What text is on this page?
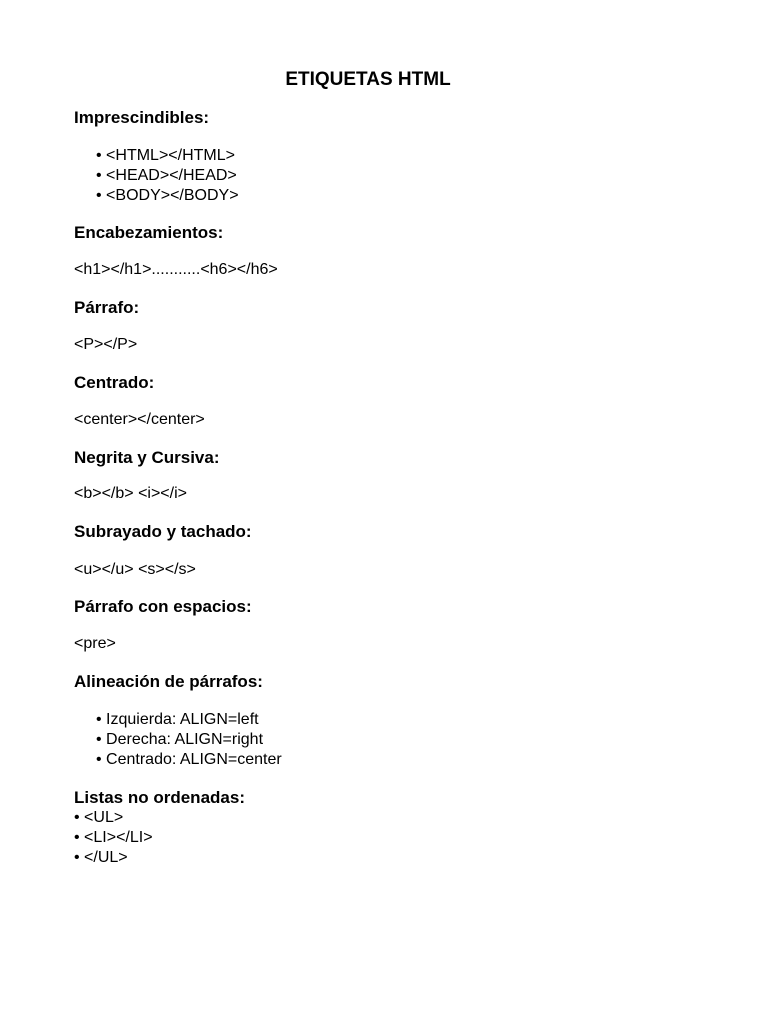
ETIQUETAS HTML
Imprescindibles:
• <HTML></HTML>
• <HEAD></HEAD>
• <BODY></BODY>
Encabezamientos:
<h1></h1>...........<h6></h6>
Párrafo:
<P></P>
Centrado:
<center></center>
Negrita y Cursiva:
<b></b> <i></i>
Subrayado y tachado:
<u></u> <s></s>
Párrafo con espacios:
<pre>
Alineación de párrafos:
• Izquierda: ALIGN=left
• Derecha: ALIGN=right
• Centrado: ALIGN=center
Listas no ordenadas:
• <UL>
• <LI></LI>
• </UL>
